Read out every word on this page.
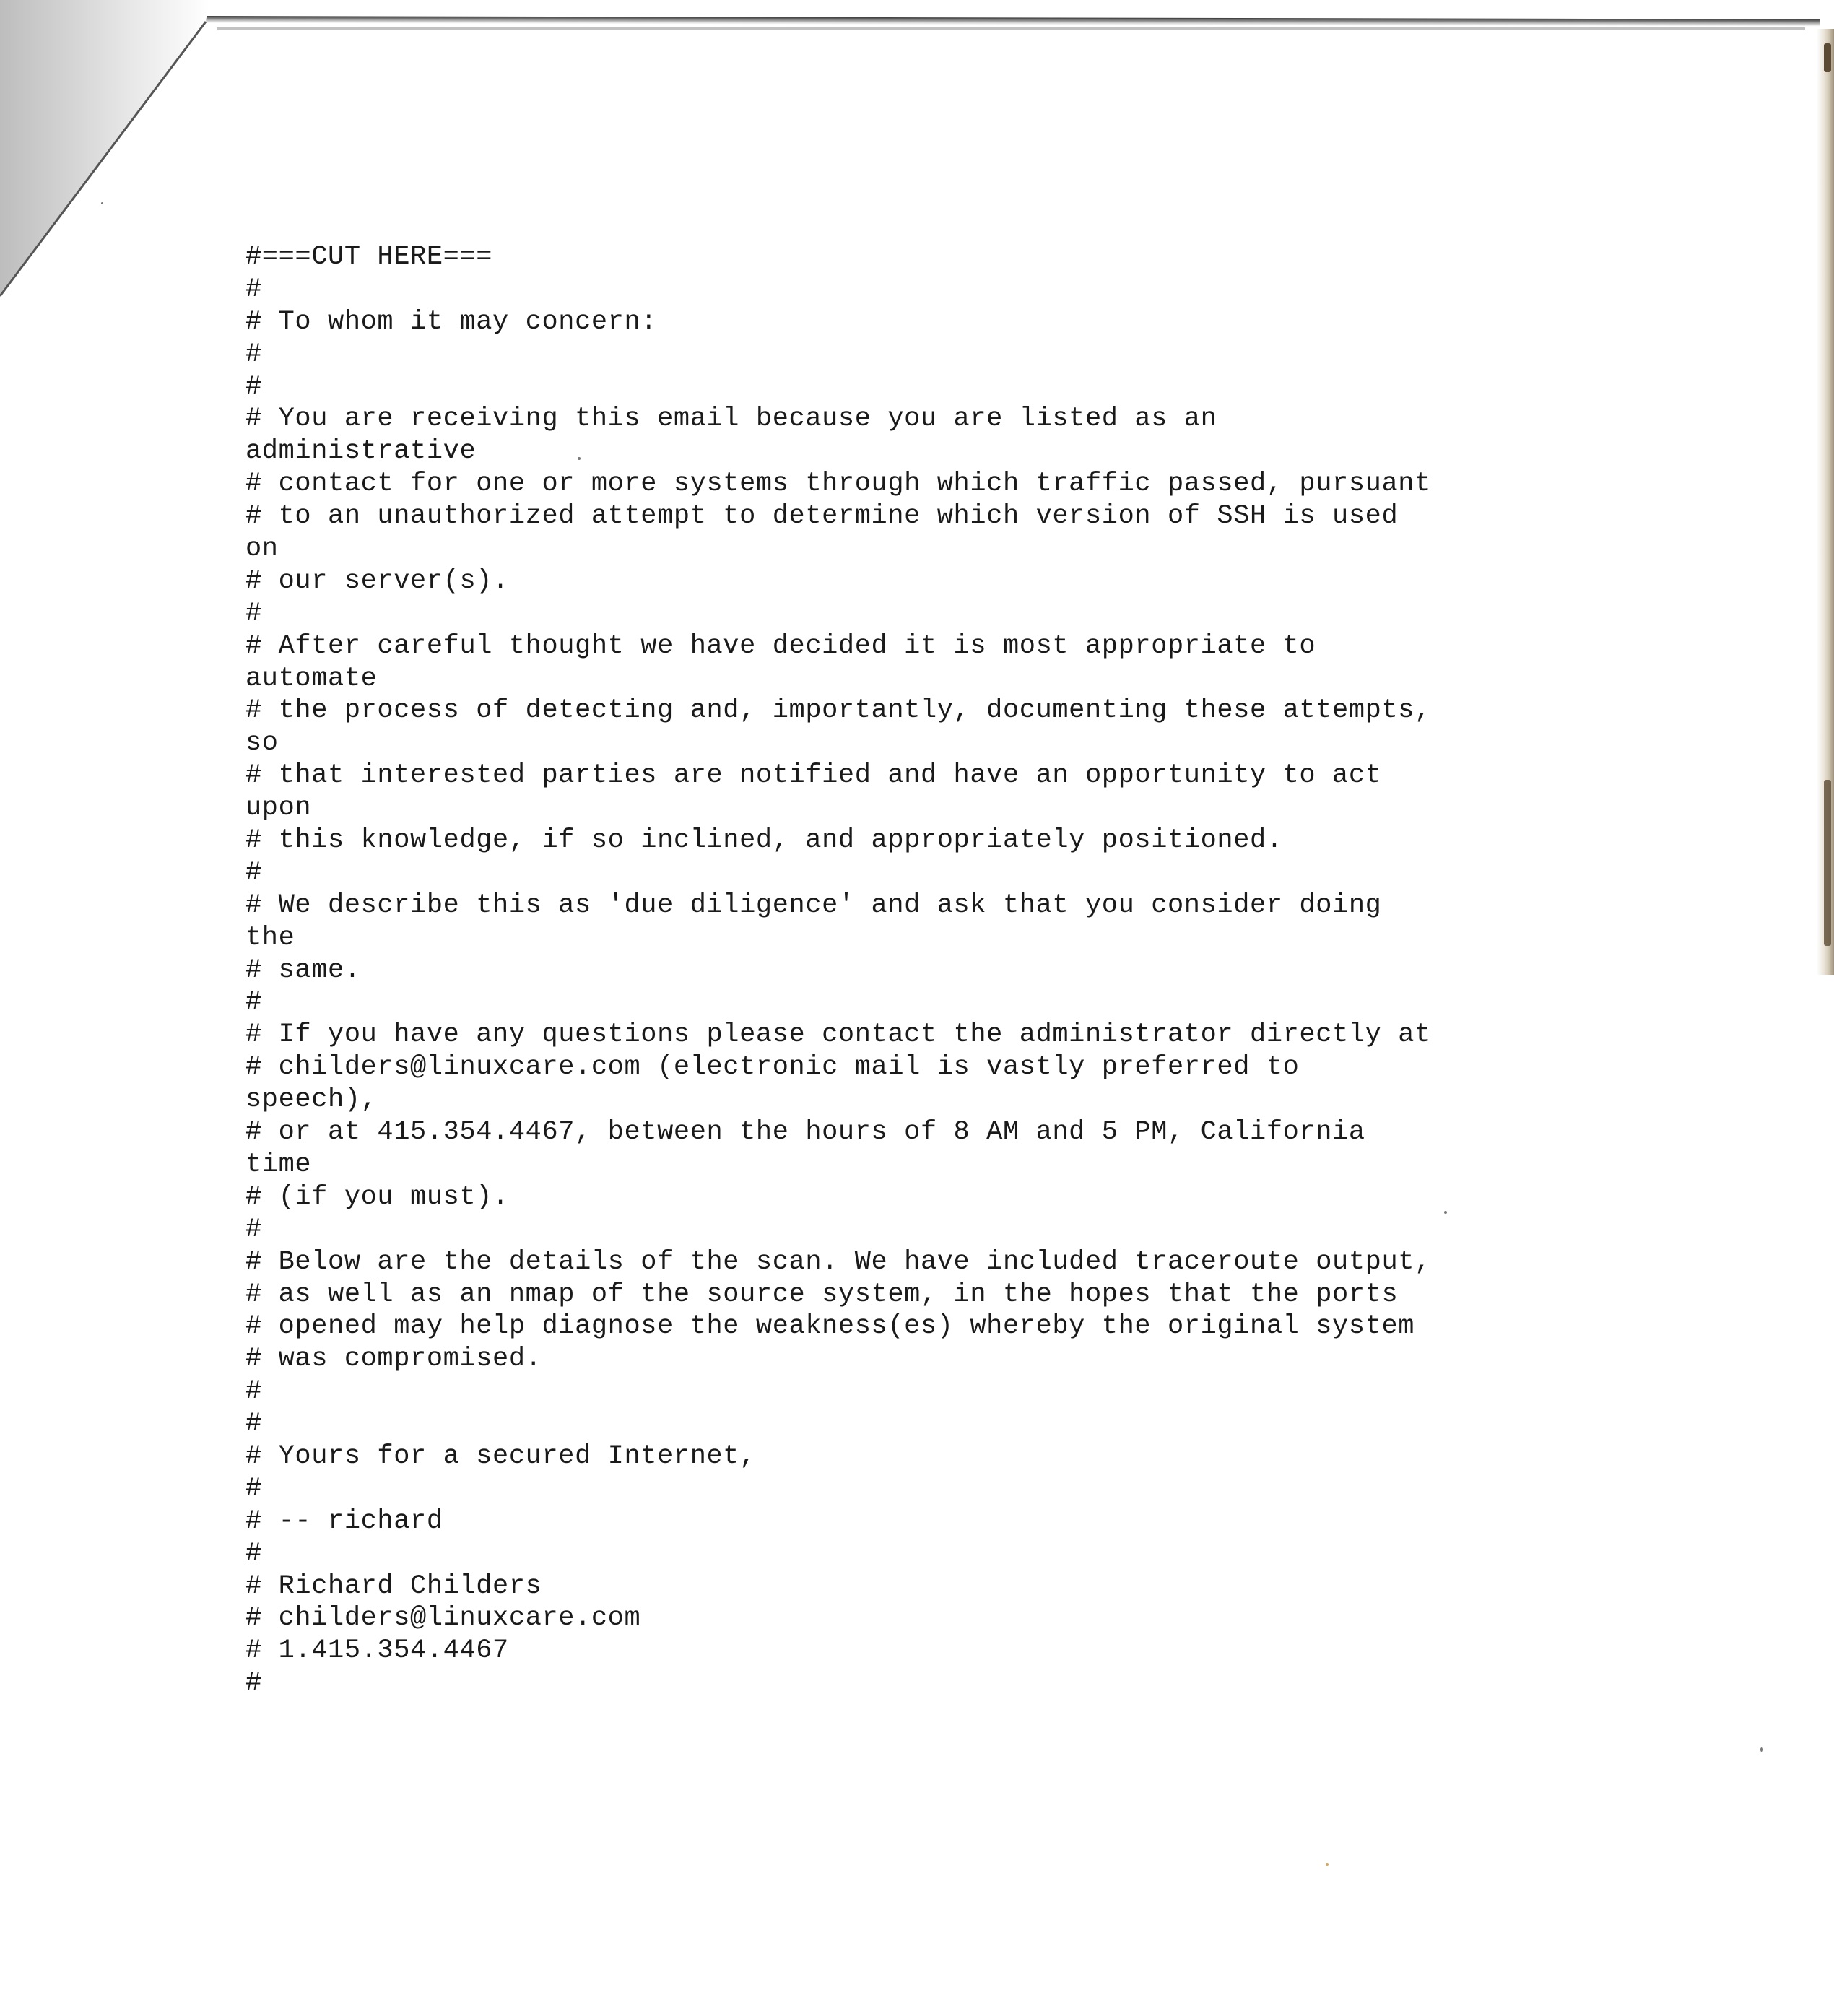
#===CUT HERE===
#
# To whom it may concern:
#
#
# You are receiving this email because you are listed as an
administrative
# contact for one or more systems through which traffic passed, pursuant
# to an unauthorized attempt to determine which version of SSH is used
on
# our server(s).
#
# After careful thought we have decided it is most appropriate to
automate
# the process of detecting and, importantly, documenting these attempts,
so
# that interested parties are notified and have an opportunity to act
upon
# this knowledge, if so inclined, and appropriately positioned.
#
# We describe this as 'due diligence' and ask that you consider doing
the
# same.
#
# If you have any questions please contact the administrator directly at
# childers@linuxcare.com (electronic mail is vastly preferred to
speech),
# or at 415.354.4467, between the hours of 8 AM and 5 PM, California
time
# (if you must).
#
# Below are the details of the scan. We have included traceroute output,
# as well as an nmap of the source system, in the hopes that the ports
# opened may help diagnose the weakness(es) whereby the original system
# was compromised.
#
#
# Yours for a secured Internet,
#
# -- richard
#
# Richard Childers
# childers@linuxcare.com
# 1.415.354.4467
#
